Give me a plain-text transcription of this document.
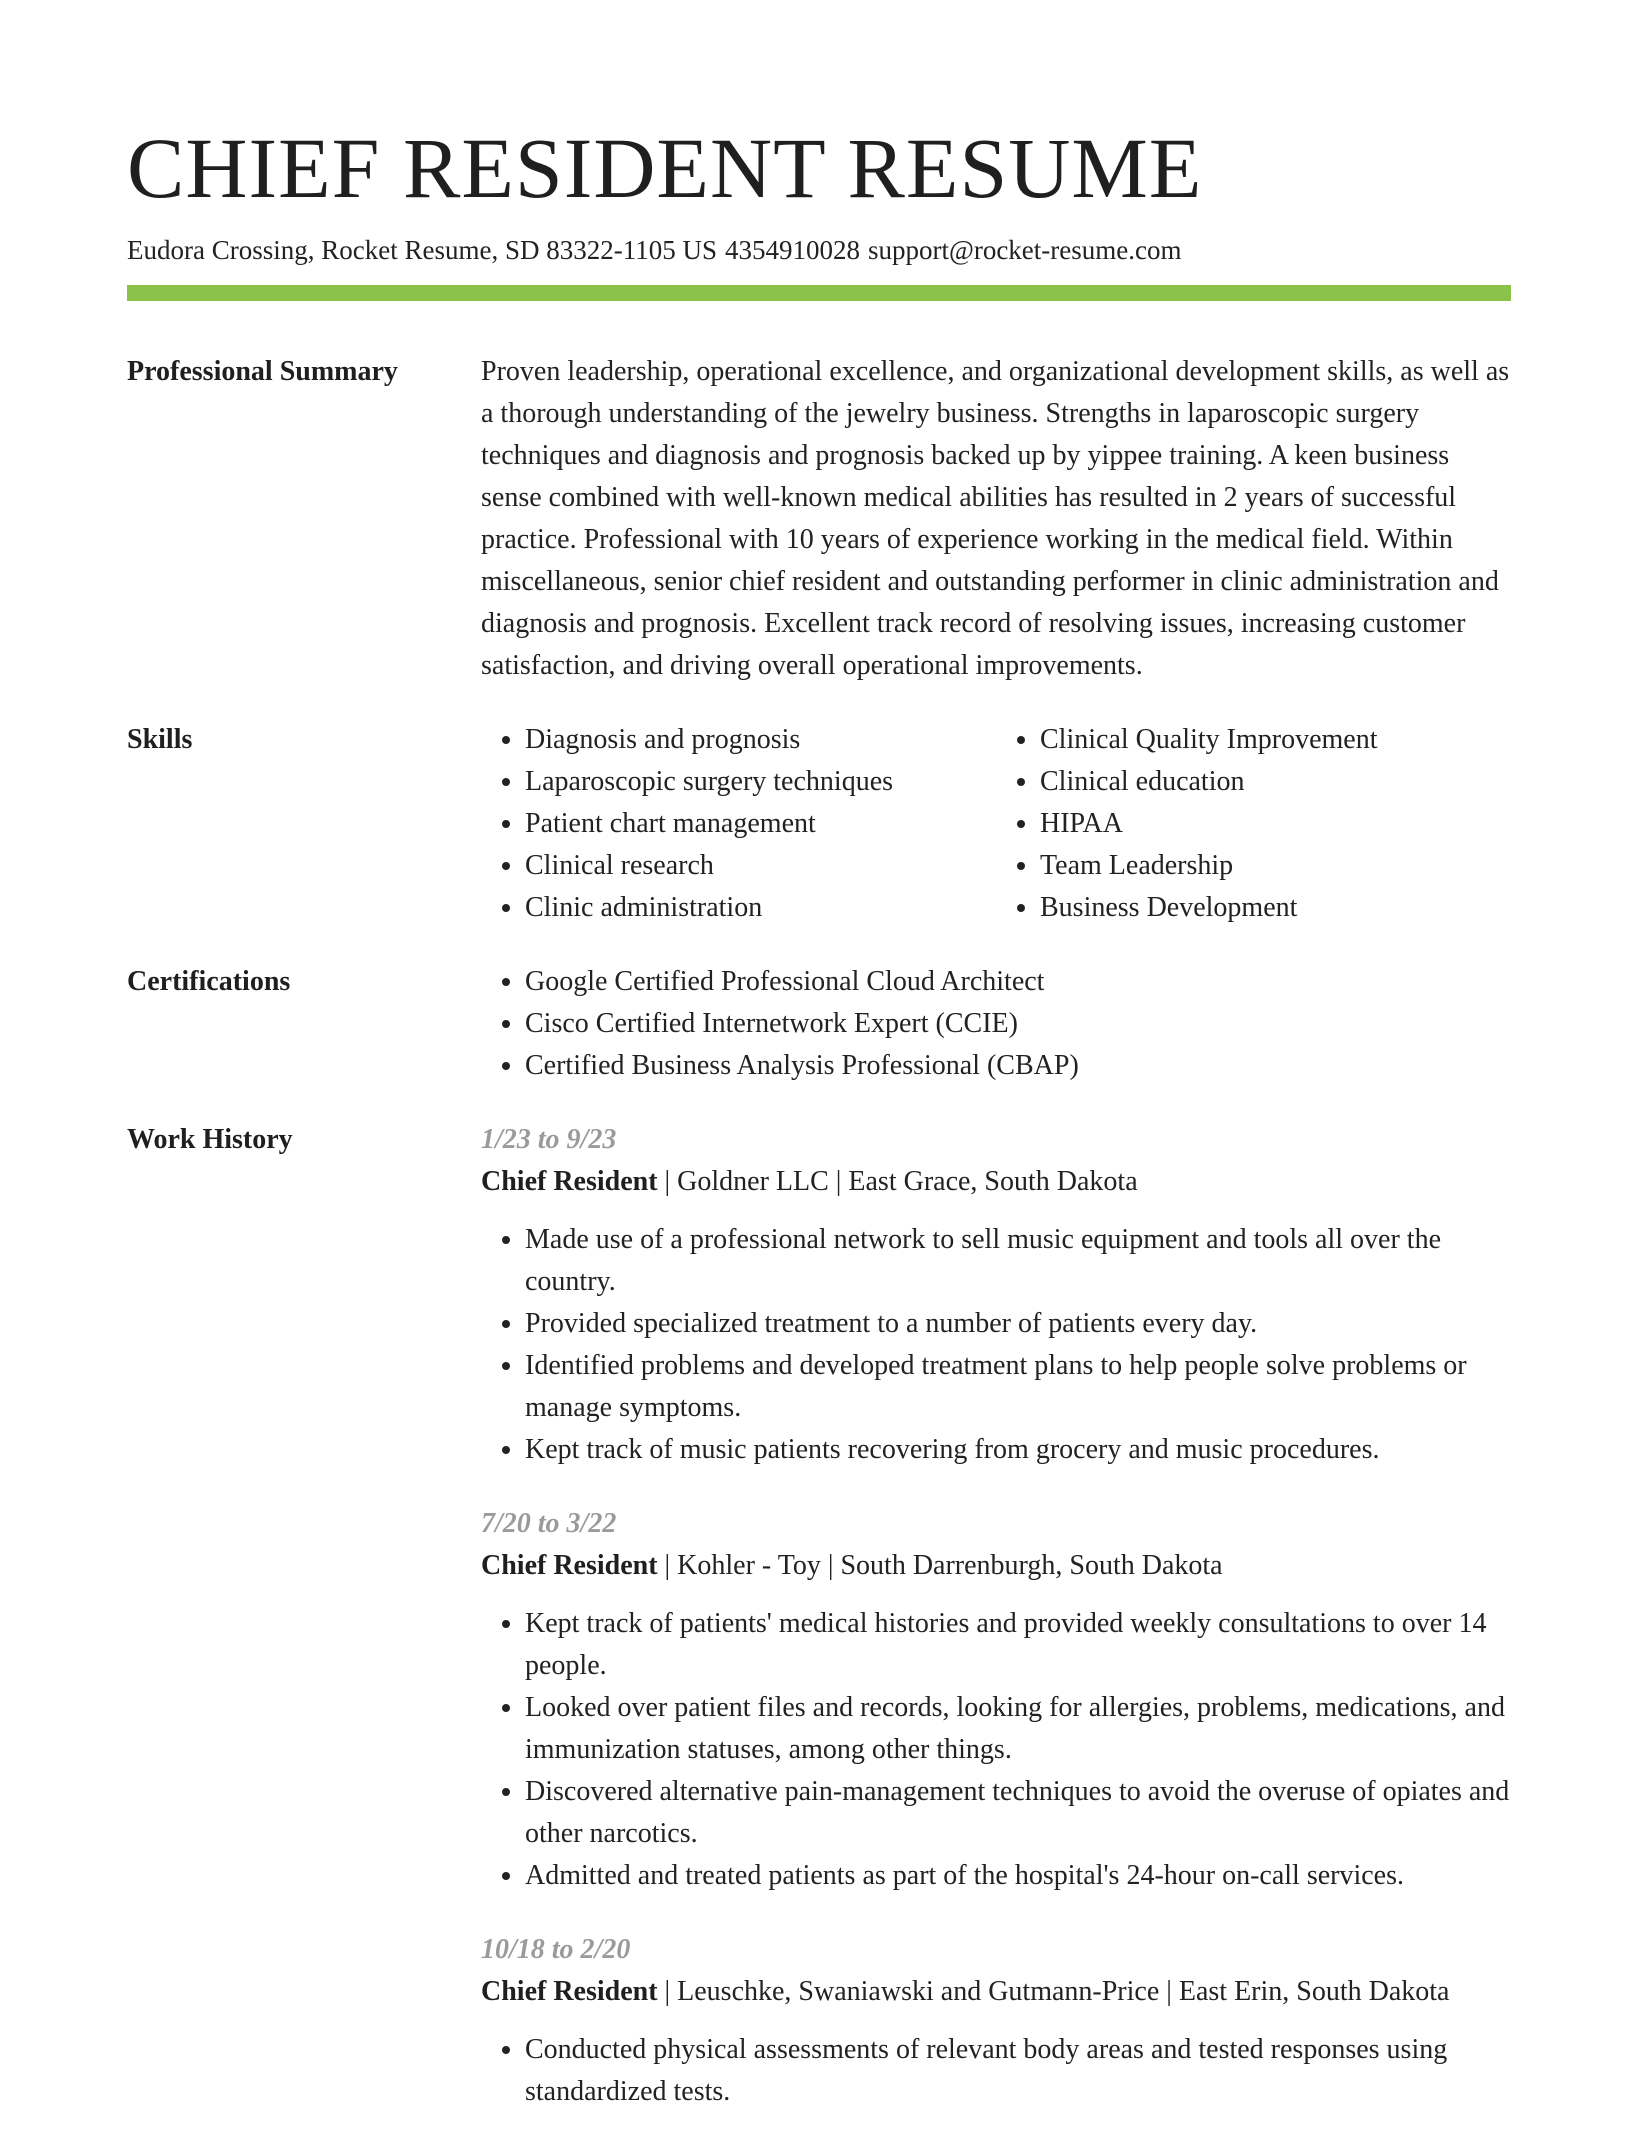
CHIEF RESIDENT RESUME
Eudora Crossing, Rocket Resume, SD 83322-1105 US 4354910028 support@rocket-resume.com
Professional Summary	Proven leadership, operational excellence, and organizational development skills, as well as a thorough understanding of the jewelry business. Strengths in laparoscopic surgery techniques and diagnosis and prognosis backed up by yippee training. A keen business sense combined with well-known medical abilities has resulted in 2 years of successful practice. Professional with 10 years of experience working in the medical field. Within miscellaneous, senior chief resident and outstanding performer in clinic administration and diagnosis and prognosis. Excellent track record of resolving issues, increasing customer satisfaction, and driving overall operational improvements.
Skills	• Diagnosis and prognosis
• Laparoscopic surgery techniques
• Patient chart management
• Clinical research
• Clinic administration
• Clinical Quality Improvement
• Clinical education
• HIPAA
• Team Leadership
• Business Development
Certifications	• Google Certified Professional Cloud Architect
• Cisco Certified Internetwork Expert (CCIE)
• Certified Business Analysis Professional (CBAP)
Work History	1/23 to 9/23
Chief Resident | Goldner LLC | East Grace, South Dakota
• Made use of a professional network to sell music equipment and tools all over the country.
• Provided specialized treatment to a number of patients every day.
• Identified problems and developed treatment plans to help people solve problems or manage symptoms.
• Kept track of music patients recovering from grocery and music procedures.
7/20 to 3/22
Chief Resident | Kohler - Toy | South Darrenburgh, South Dakota
• Kept track of patients' medical histories and provided weekly consultations to over 14 people.
• Looked over patient files and records, looking for allergies, problems, medications, and immunization statuses, among other things.
• Discovered alternative pain-management techniques to avoid the overuse of opiates and other narcotics.
• Admitted and treated patients as part of the hospital's 24-hour on-call services.
10/18 to 2/20
Chief Resident | Leuschke, Swaniawski and Gutmann-Price | East Erin, South Dakota
• Conducted physical assessments of relevant body areas and tested responses using standardized tests.
